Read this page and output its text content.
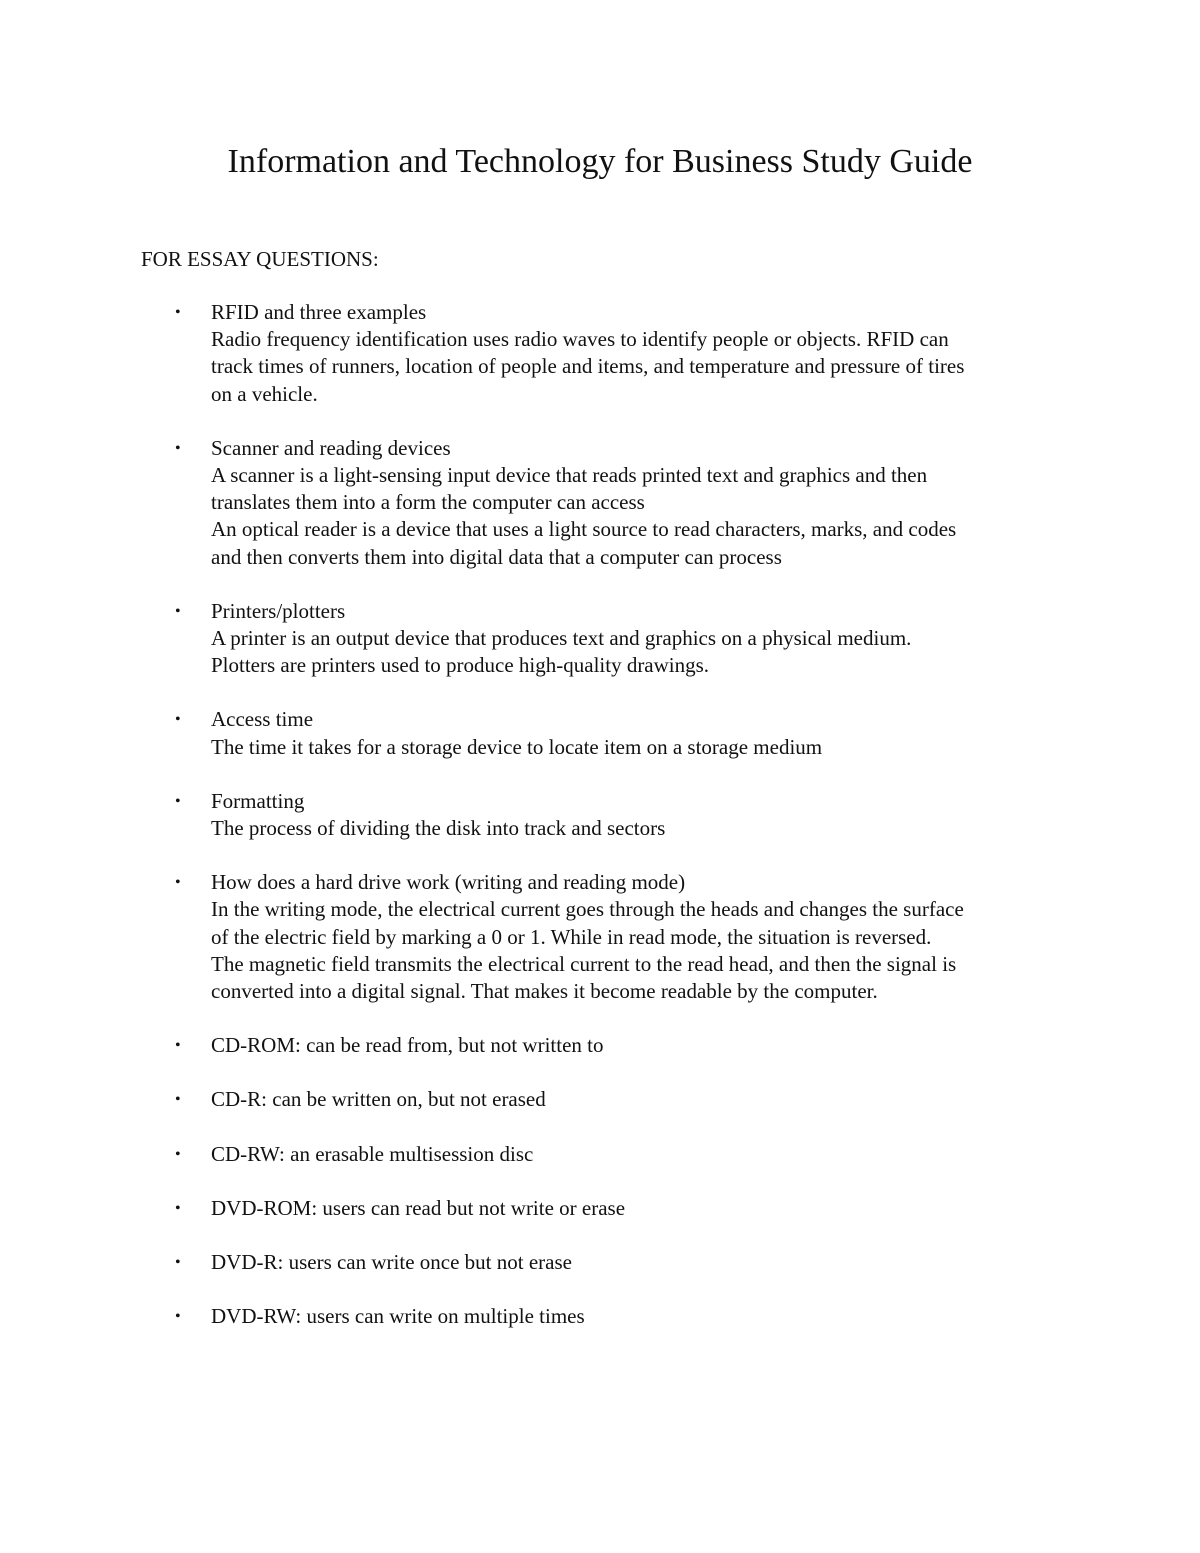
Information and Technology for Business Study Guide

FOR ESSAY QUESTIONS:

• RFID and three examples
Radio frequency identification uses radio waves to identify people or objects. RFID can
track times of runners, location of people and items, and temperature and pressure of tires
on a vehicle.
• Scanner and reading devices
A scanner is a light-sensing input device that reads printed text and graphics and then
translates them into a form the computer can access
An optical reader is a device that uses a light source to read characters, marks, and codes
and then converts them into digital data that a computer can process
• Printers/plotters
A printer is an output device that produces text and graphics on a physical medium.
Plotters are printers used to produce high-quality drawings.
• Access time
The time it takes for a storage device to locate item on a storage medium
• Formatting
The process of dividing the disk into track and sectors
• How does a hard drive work (writing and reading mode)
In the writing mode, the electrical current goes through the heads and changes the surface
of the electric field by marking a 0 or 1. While in read mode, the situation is reversed.
The magnetic field transmits the electrical current to the read head, and then the signal is
converted into a digital signal. That makes it become readable by the computer.
• CD-ROM: can be read from, but not written to
• CD-R: can be written on, but not erased
• CD-RW: an erasable multisession disc
• DVD-ROM: users can read but not write or erase
• DVD-R: users can write once but not erase
• DVD-RW: users can write on multiple times
